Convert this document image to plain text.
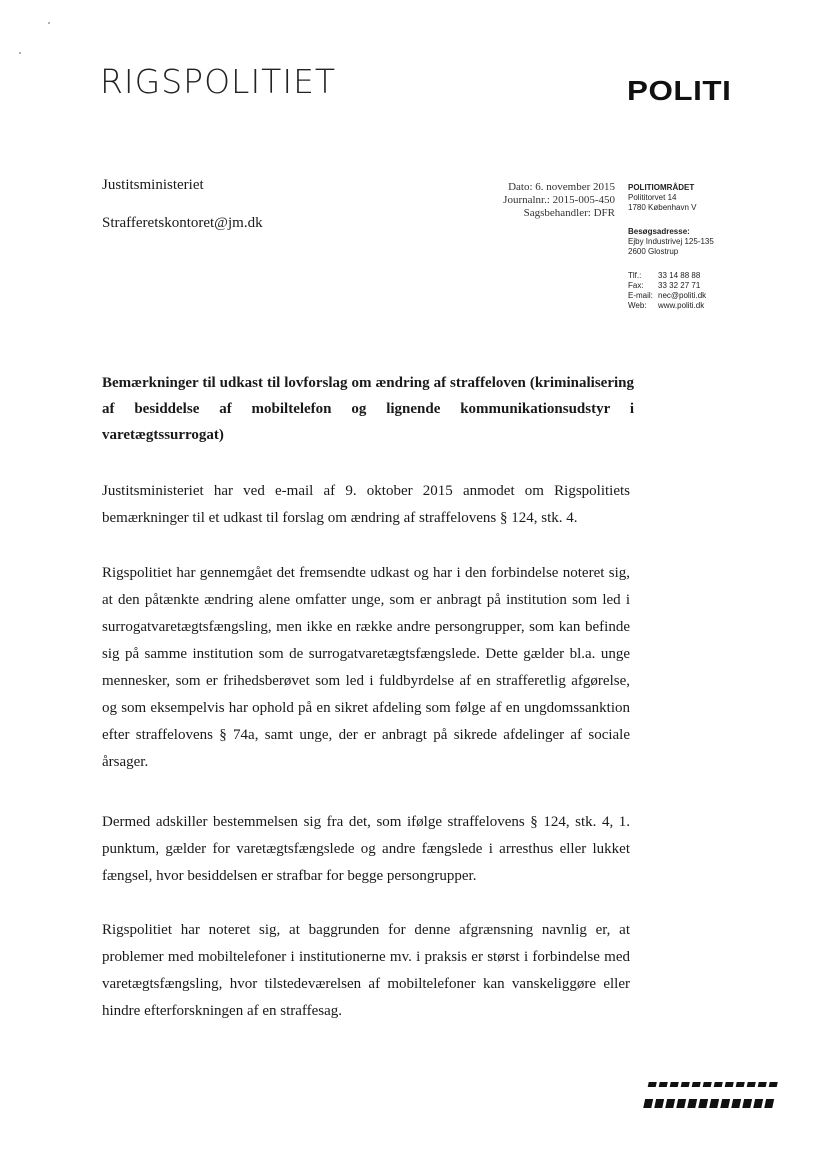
RIGSPOLITIET	POLITI
Justitsministeriet
Strafferetskontoret@jm.dk
Dato: 6. november 2015
Journalnr.: 2015-005-450
Sagsbehandler: DFR
POLITIOMRÅDET
Polititorvet 14
1780 København V
Besøgsadresse:
Ejby Industrivej 125-135
2600 Glostrup
Tlf.:	33 14 88 88
Fax:	33 32 27 71
E-mail: nec@politi.dk
Web:	www.politi.dk
Bemærkninger til udkast til lovforslag om ændring af straffeloven (kriminalisering af besiddelse af mobiltelefon og lignende kommunikationsudstyr i varetægtssurrogat)
Justitsministeriet har ved e-mail af 9. oktober 2015 anmodet om Rigspolitiets bemærkninger til et udkast til forslag om ændring af straffelovens § 124, stk. 4.
Rigspolitiet har gennemgået det fremsendte udkast og har i den forbindelse noteret sig, at den påtænkte ændring alene omfatter unge, som er anbragt på institution som led i surrogatvaretægtsfængsling, men ikke en række andre persongrupper, som kan befinde sig på samme institution som de surrogatvaretægtsfængslede. Dette gælder bl.a. unge mennesker, som er frihedsberøvet som led i fuldbyrdelse af en strafferetlig afgørelse, og som eksempelvis har ophold på en sikret afdeling som følge af en ungdomssanktion efter straffelovens § 74a, samt unge, der er anbragt på sikrede afdelinger af sociale årsager.
Dermed adskiller bestemmelsen sig fra det, som ifølge straffelovens § 124, stk. 4, 1. punktum, gælder for varetægtsfængslede og andre fængslede i arresthus eller lukket fængsel, hvor besiddelsen er strafbar for begge persongrupper.
Rigspolitiet har noteret sig, at baggrunden for denne afgrænsning navnlig er, at problemer med mobiltelefoner i institutionerne mv. i praksis er størst i forbindelse med varetægtsfængsling, hvor tilstedeværelsen af mobiltelefoner kan vanskeliggøre eller hindre efterforskningen af en straffesag.
